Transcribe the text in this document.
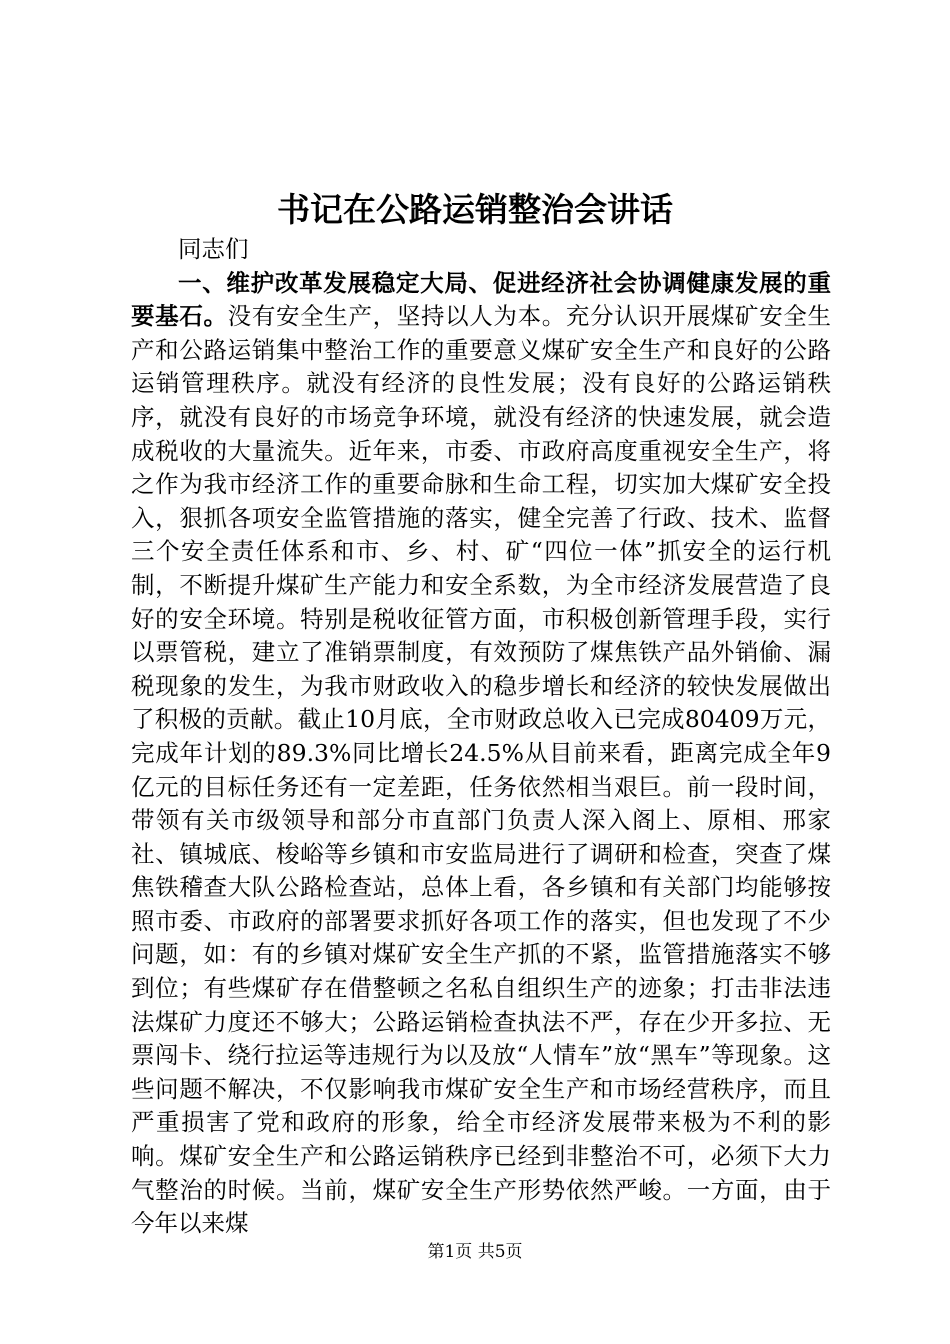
书记在公路运销整治会讲话

同志们

一、维护改革发展稳定大局、促进经济社会协调健康发展的重要基石。没有安全生产，坚持以人为本。充分认识开展煤矿安全生产和公路运销集中整治工作的重要意义煤矿安全生产和良好的公路运销管理秩序。就没有经济的良性发展；没有良好的公路运销秩序，就没有良好的市场竞争环境，就没有经济的快速发展，就会造成税收的大量流失。近年来，市委、市政府高度重视安全生产，将之作为我市经济工作的重要命脉和生命工程，切实加大煤矿安全投入，狠抓各项安全监管措施的落实，健全完善了行政、技术、监督三个安全责任体系和市、乡、村、矿“四位一体”抓安全的运行机制，不断提升煤矿生产能力和安全系数，为全市经济发展营造了良好的安全环境。特别是税收征管方面，市积极创新管理手段，实行以票管税，建立了准销票制度，有效预防了煤焦铁产品外销偷、漏税现象的发生，为我市财政收入的稳步增长和经济的较快发展做出了积极的贡献。截止10月底，全市财政总收入已完成80409万元，完成年计划的89.3%同比增长24.5%从目前来看，距离完成全年9亿元的目标任务还有一定差距，任务依然相当艰巨。前一段时间，带领有关市级领导和部分市直部门负责人深入阁上、原相、邢家社、镇城底、梭峪等乡镇和市安监局进行了调研和检查，突查了煤焦铁稽查大队公路检查站，总体上看，各乡镇和有关部门均能够按照市委、市政府的部署要求抓好各项工作的落实，但也发现了不少问题，如：有的乡镇对煤矿安全生产抓的不紧，监管措施落实不够到位；有些煤矿存在借整顿之名私自组织生产的迹象；打击非法违法煤矿力度还不够大；公路运销检查执法不严，存在少开多拉、无票闯卡、绕行拉运等违规行为以及放“人情车”放“黑车”等现象。这些问题不解决，不仅影响我市煤矿安全生产和市场经营秩序，而且严重损害了党和政府的形象，给全市经济发展带来极为不利的影响。煤矿安全生产和公路运销秩序已经到非整治不可，必须下大力气整治的时候。当前，煤矿安全生产形势依然严峻。一方面，由于今年以来煤

第1页 共5页
